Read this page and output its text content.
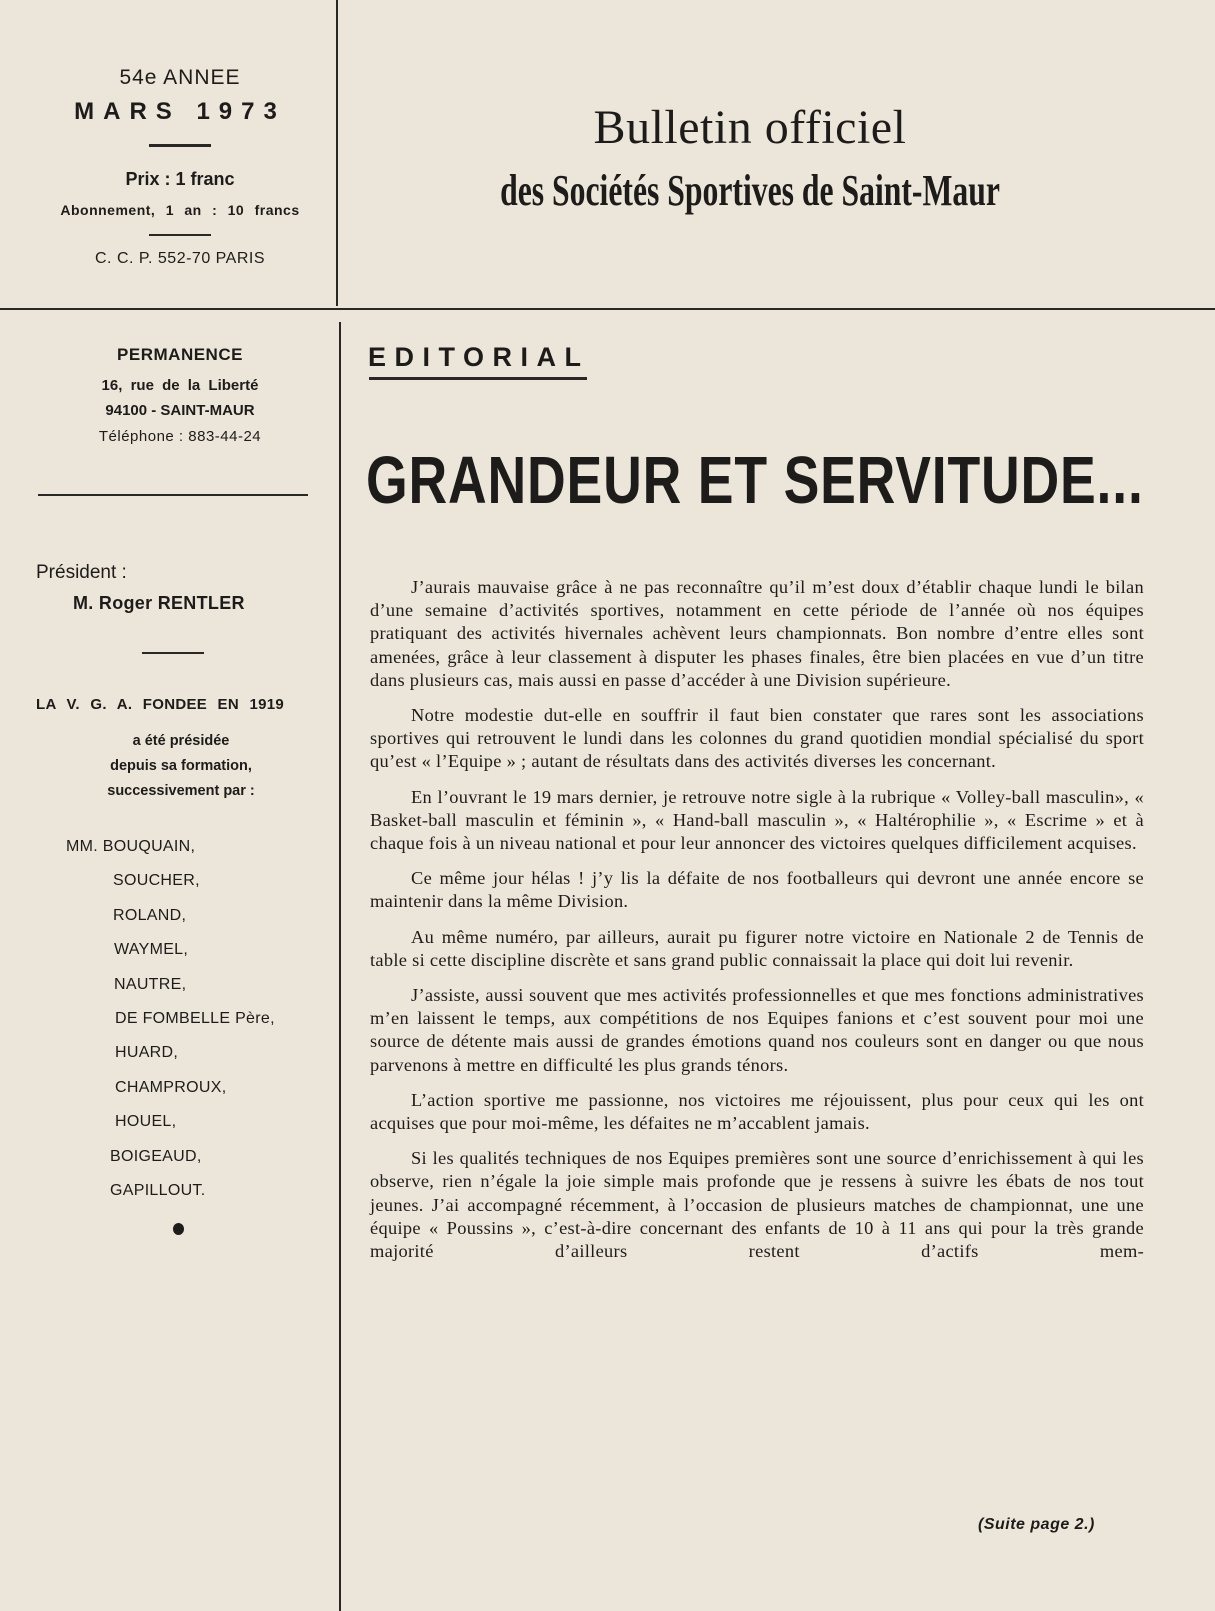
54e ANNEE

MARS 1973

Prix : 1 franc

Abonnement, 1 an : 10 francs

C. C. P. 552-70 PARIS

Bulletin officiel

des Sociétés Sportives de Saint-Maur

PERMANENCE

16, rue de la Liberté

94100 - SAINT-MAUR

Téléphone : 883-44-24

Président :

M. Roger RENTLER

LA V. G. A. FONDEE EN 1919

a été présidée
depuis sa formation,
successivement par :

MM. BOUQUAIN,

SOUCHER,

ROLAND,

WAYMEL,

NAUTRE,

DE FOMBELLE Père,

HUARD,

CHAMPROUX,

HOUEL,

BOIGEAUD,

GAPILLOUT.

EDITORIAL

GRANDEUR ET SERVITUDE...

J’aurais mauvaise grâce à ne pas reconnaître qu’il m’est doux d’établir chaque lundi le bilan d’une semaine d’activités sportives, notamment en cette période de l’année où nos équipes pratiquant des activités hivernales achèvent leurs championnats. Bon nombre d’entre elles sont amenées, grâce à leur classement à disputer les phases finales, être bien placées en vue d’un titre dans plusieurs cas, mais aussi en passe d’accéder à une Division supérieure.

Notre modestie dut-elle en souffrir il faut bien constater que rares sont les associations sportives qui retrouvent le lundi dans les colonnes du grand quotidien mondial spécialisé du sport qu’est « l’Equipe » ; autant de résultats dans des activités diverses les concernant.

En l’ouvrant le 19 mars dernier, je retrouve notre sigle à la rubrique « Volley-ball masculin», « Basket-ball masculin et féminin », « Hand-ball masculin », « Haltérophilie », « Escrime » et à chaque fois à un niveau national et pour leur annoncer des victoires quelques difficilement acquises.

Ce même jour hélas ! j’y lis la défaite de nos footballeurs qui devront une année encore se maintenir dans la même Division.

Au même numéro, par ailleurs, aurait pu figurer notre victoire en Nationale 2 de Tennis de table si cette discipline discrète et sans grand public connaissait la place qui doit lui revenir.

J’assiste, aussi souvent que mes activités professionnelles et que mes fonctions administratives m’en laissent le temps, aux compétitions de nos Equipes fanions et c’est souvent pour moi une source de détente mais aussi de grandes émotions quand nos couleurs sont en danger ou que nous parvenons à mettre en difficulté les plus grands ténors.

L’action sportive me passionne, nos victoires me réjouissent, plus pour ceux qui les ont acquises que pour moi-même, les défaites ne m’accablent jamais.

Si les qualités techniques de nos Equipes premières sont une source d’enrichissement à qui les observe, rien n’égale la joie simple mais profonde que je ressens à suivre les ébats de nos tout jeunes. J’ai accompagné récemment, à l’occasion de plusieurs matches de championnat, une une équipe « Poussins », c’est-à-dire concernant des enfants de 10 à 11 ans qui pour la très grande majorité d’ailleurs restent d’actifs mem-

(Suite page 2.)
